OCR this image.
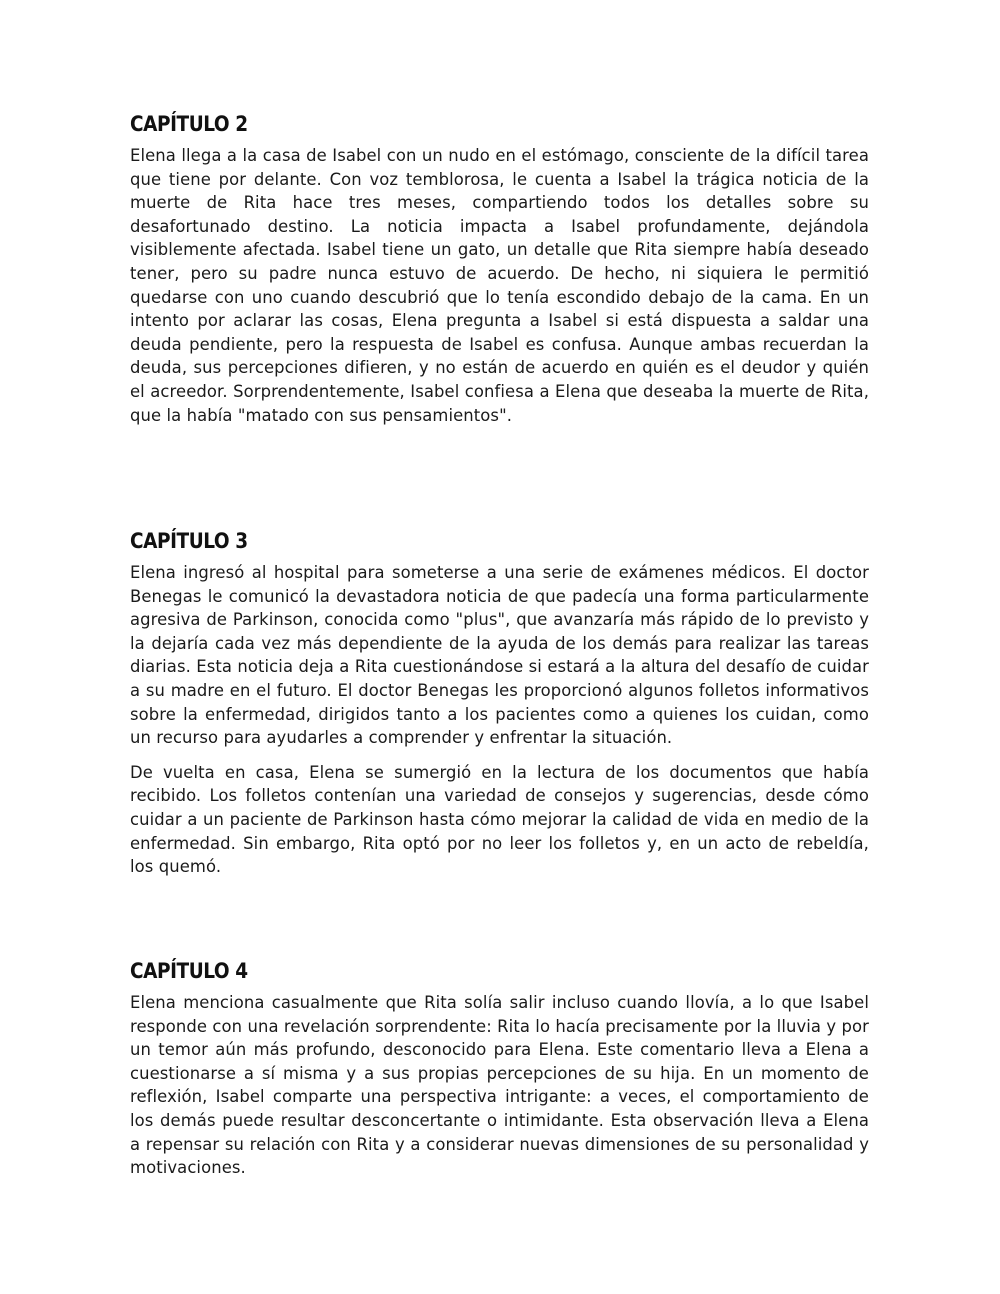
CAPÍTULO 2

Elena llega a la casa de Isabel con un nudo en el estómago, consciente de la difícil tarea que tiene por delante. Con voz temblorosa, le cuenta a Isabel la trágica noticia de la muerte de Rita hace tres meses, compartiendo todos los detalles sobre su desafortunado destino. La noticia impacta a Isabel profundamente, dejándola visiblemente afectada. Isabel tiene un gato, un detalle que Rita siempre había deseado tener, pero su padre nunca estuvo de acuerdo. De hecho, ni siquiera le permitió quedarse con uno cuando descubrió que lo tenía escondido debajo de la cama. En un intento por aclarar las cosas, Elena pregunta a Isabel si está dispuesta a saldar una deuda pendiente, pero la respuesta de Isabel es confusa. Aunque ambas recuerdan la deuda, sus percepciones difieren, y no están de acuerdo en quién es el deudor y quién el acreedor. Sorprendentemente, Isabel confiesa a Elena que deseaba la muerte de Rita, que la había "matado con sus pensamientos".

CAPÍTULO 3

Elena ingresó al hospital para someterse a una serie de exámenes médicos. El doctor Benegas le comunicó la devastadora noticia de que padecía una forma particularmente agresiva de Parkinson, conocida como "plus", que avanzaría más rápido de lo previsto y la dejaría cada vez más dependiente de la ayuda de los demás para realizar las tareas diarias. Esta noticia deja a Rita cuestionándose si estará a la altura del desafío de cuidar a su madre en el futuro. El doctor Benegas les proporcionó algunos folletos informativos sobre la enfermedad, dirigidos tanto a los pacientes como a quienes los cuidan, como un recurso para ayudarles a comprender y enfrentar la situación.

De vuelta en casa, Elena se sumergió en la lectura de los documentos que había recibido. Los folletos contenían una variedad de consejos y sugerencias, desde cómo cuidar a un paciente de Parkinson hasta cómo mejorar la calidad de vida en medio de la enfermedad. Sin embargo, Rita optó por no leer los folletos y, en un acto de rebeldía, los quemó.

CAPÍTULO 4

Elena menciona casualmente que Rita solía salir incluso cuando llovía, a lo que Isabel responde con una revelación sorprendente: Rita lo hacía precisamente por la lluvia y por un temor aún más profundo, desconocido para Elena. Este comentario lleva a Elena a cuestionarse a sí misma y a sus propias percepciones de su hija. En un momento de reflexión, Isabel comparte una perspectiva intrigante: a veces, el comportamiento de los demás puede resultar desconcertante o intimidante. Esta observación lleva a Elena a repensar su relación con Rita y a considerar nuevas dimensiones de su personalidad y motivaciones.
